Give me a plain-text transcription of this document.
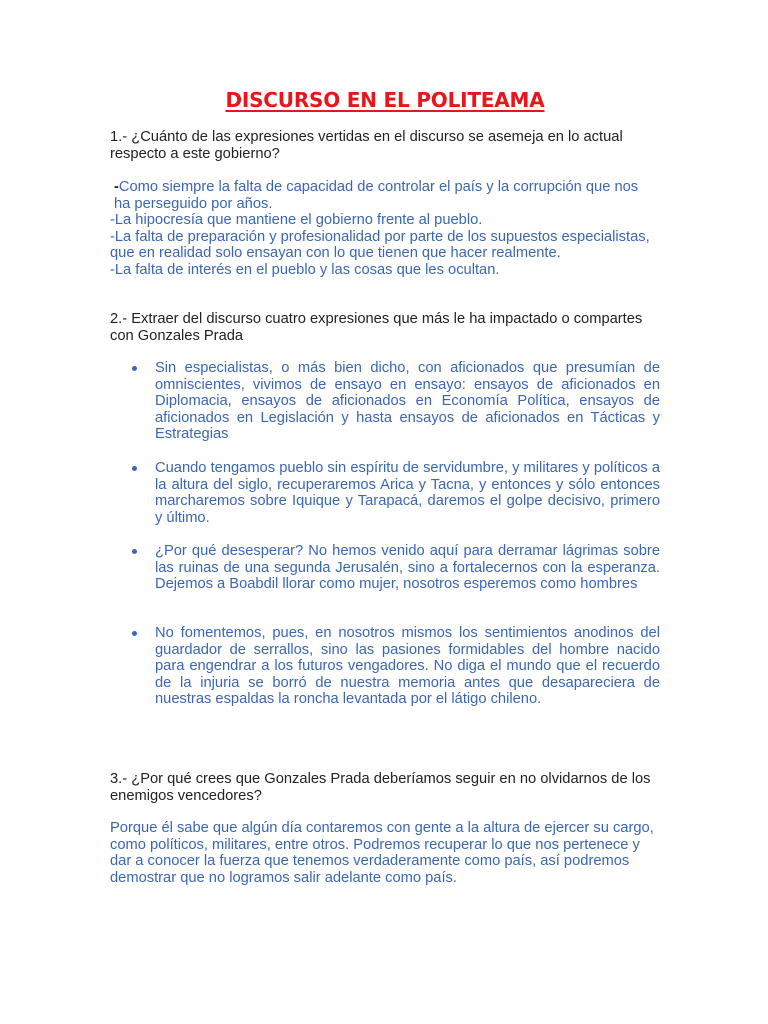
DISCURSO EN EL POLITEAMA
1.- ¿Cuánto de las expresiones vertidas en el discurso se asemeja en lo actual respecto a este gobierno?
-Como siempre la falta de capacidad de controlar el país y la corrupción que nos ha perseguido por años.
-La hipocresía que mantiene el gobierno frente al pueblo.
-La falta de preparación y profesionalidad por parte de los supuestos especialistas, que en realidad solo ensayan con lo que tienen que hacer realmente.
-La falta de interés en el pueblo y las cosas que les ocultan.
2.- Extraer del discurso cuatro expresiones que más le ha impactado o compartes con Gonzales Prada
Sin especialistas, o más bien dicho, con aficionados que presumían de omniscientes, vivimos de ensayo en ensayo: ensayos de aficionados en Diplomacia, ensayos de aficionados en Economía Política, ensayos de aficionados en Legislación y hasta ensayos de aficionados en Tácticas y Estrategias
Cuando tengamos pueblo sin espíritu de servidumbre, y militares y políticos a la altura del siglo, recuperaremos Arica y Tacna, y entonces y sólo entonces marcharemos sobre Iquique y Tarapacá, daremos el golpe decisivo, primero y último.
¿Por qué desesperar? No hemos venido aquí para derramar lágrimas sobre las ruinas de una segunda Jerusalén, sino a fortalecernos con la esperanza. Dejemos a Boabdil llorar como mujer, nosotros esperemos como hombres
No fomentemos, pues, en nosotros mismos los sentimientos anodinos del guardador de serrallos, sino las pasiones formidables del hombre nacido para engendrar a los futuros vengadores. No diga el mundo que el recuerdo de la injuria se borró de nuestra memoria antes que desapareciera de nuestras espaldas la roncha levantada por el látigo chileno.
3.- ¿Por qué crees que Gonzales Prada deberíamos seguir en no olvidarnos de los enemigos vencedores?
Porque él sabe que algún día contaremos con gente a la altura de ejercer su cargo, como políticos, militares, entre otros. Podremos recuperar lo que nos pertenece y dar a conocer la fuerza que tenemos verdaderamente como país, así podremos demostrar que no logramos salir adelante como país.
